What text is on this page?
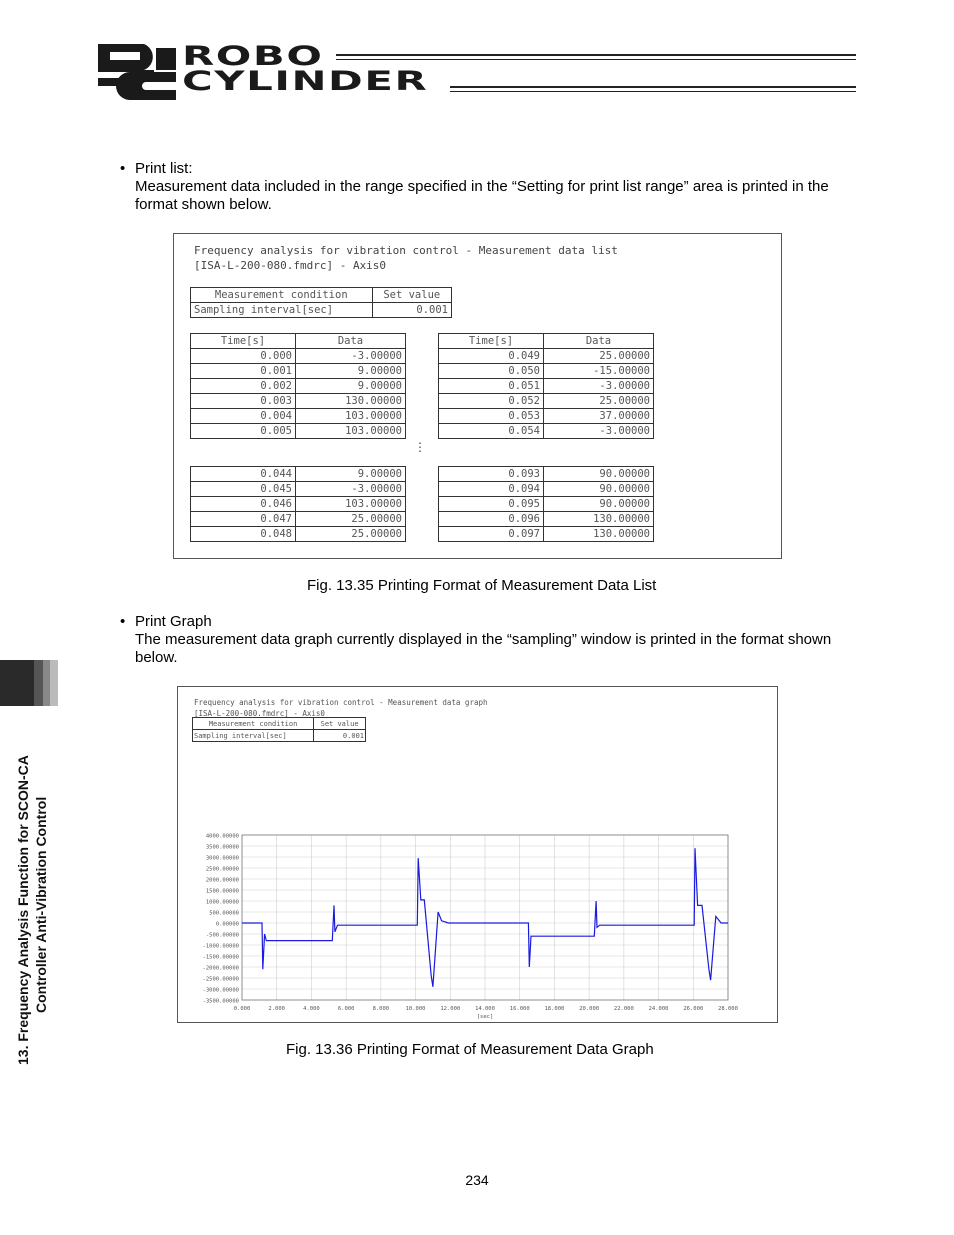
ROBO
CYLINDER
• Print list:
Measurement data included in the range specified in the “Setting for print list range” area is printed in the format shown below.
Frequency analysis for vibration control - Measurement data list
[ISA-L-200-080.fmdrc] - Axis0
Measurement condition	Set value
Sampling interval[sec]	0.001
Time[s]	Data
0.000	-3.00000
0.001	9.00000
0.002	9.00000
0.003	130.00000
0.004	103.00000
0.005	103.00000
Time[s]	Data
0.049	25.00000
0.050	-15.00000
0.051	-3.00000
0.052	25.00000
0.053	37.00000
0.054	-3.00000
⋮
0.044	9.00000
0.045	-3.00000
0.046	103.00000
0.047	25.00000
0.048	25.00000
0.093	90.00000
0.094	90.00000
0.095	90.00000
0.096	130.00000
0.097	130.00000
Fig. 13.35 Printing Format of Measurement Data List
• Print Graph
The measurement data graph currently displayed in the “sampling” window is printed in the format shown below.
Frequency analysis for vibration control - Measurement data graph
[ISA-L-200-080.fmdrc] - Axis0
Measurement condition	Set value
Sampling interval[sec]	0.001
4000.00000
3500.00000
3000.00000
2500.00000
2000.00000
1500.00000
1000.00000
500.00000
0.00000
-500.00000
-1000.00000
-1500.00000
-2000.00000
-2500.00000
-3000.00000
-3500.00000
0.000	2.000	4.000	6.000	8.000	10.000	12.000	14.000	16.000	18.000	20.000	22.000	24.000	26.000	28.000
[sec]
Fig. 13.36 Printing Format of Measurement Data Graph
13. Frequency Analysis Function for SCON-CA Controller Anti-Vibration Control
234
